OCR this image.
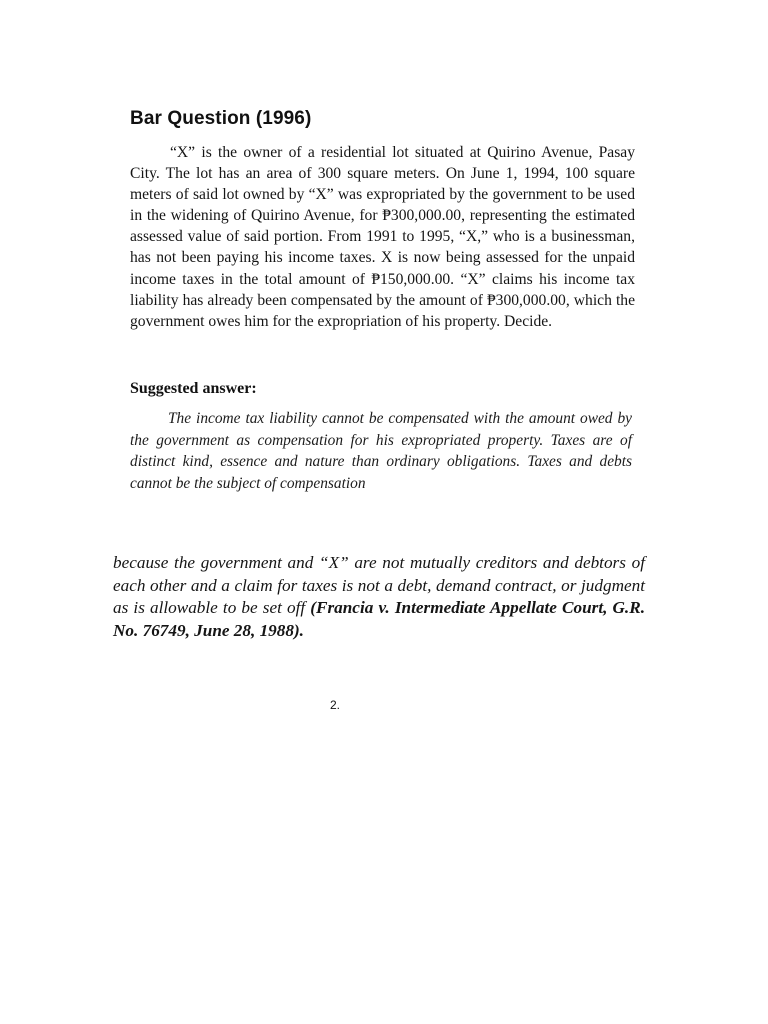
Bar Question (1996)

“X” is the owner of a residential lot situated at Quirino Avenue, Pasay City. The lot has an area of 300 square meters. On June 1, 1994, 100 square meters of said lot owned by “X” was expropriated by the government to be used in the widening of Quirino Avenue, for ₱300,000.00, representing the estimated assessed value of said portion. From 1991 to 1995, “X,” who is a businessman, has not been paying his income taxes. X is now being assessed for the unpaid income taxes in the total amount of ₱150,000.00. “X” claims his income tax liability has already been compensated by the amount of ₱300,000.00, which the government owes him for the expropriation of his property. Decide.

Suggested answer:

The income tax liability cannot be compensated with the amount owed by the government as compensation for his expropriated property. Taxes are of distinct kind, essence and nature than ordinary obligations. Taxes and debts cannot be the subject of compensation

because the government and “X” are not mutually creditors and debtors of each other and a claim for taxes is not a debt, demand contract, or judgment as is allowable to be set off (Francia v. Intermediate Appellate Court, G.R. No. 76749, June 28, 1988).

2.
